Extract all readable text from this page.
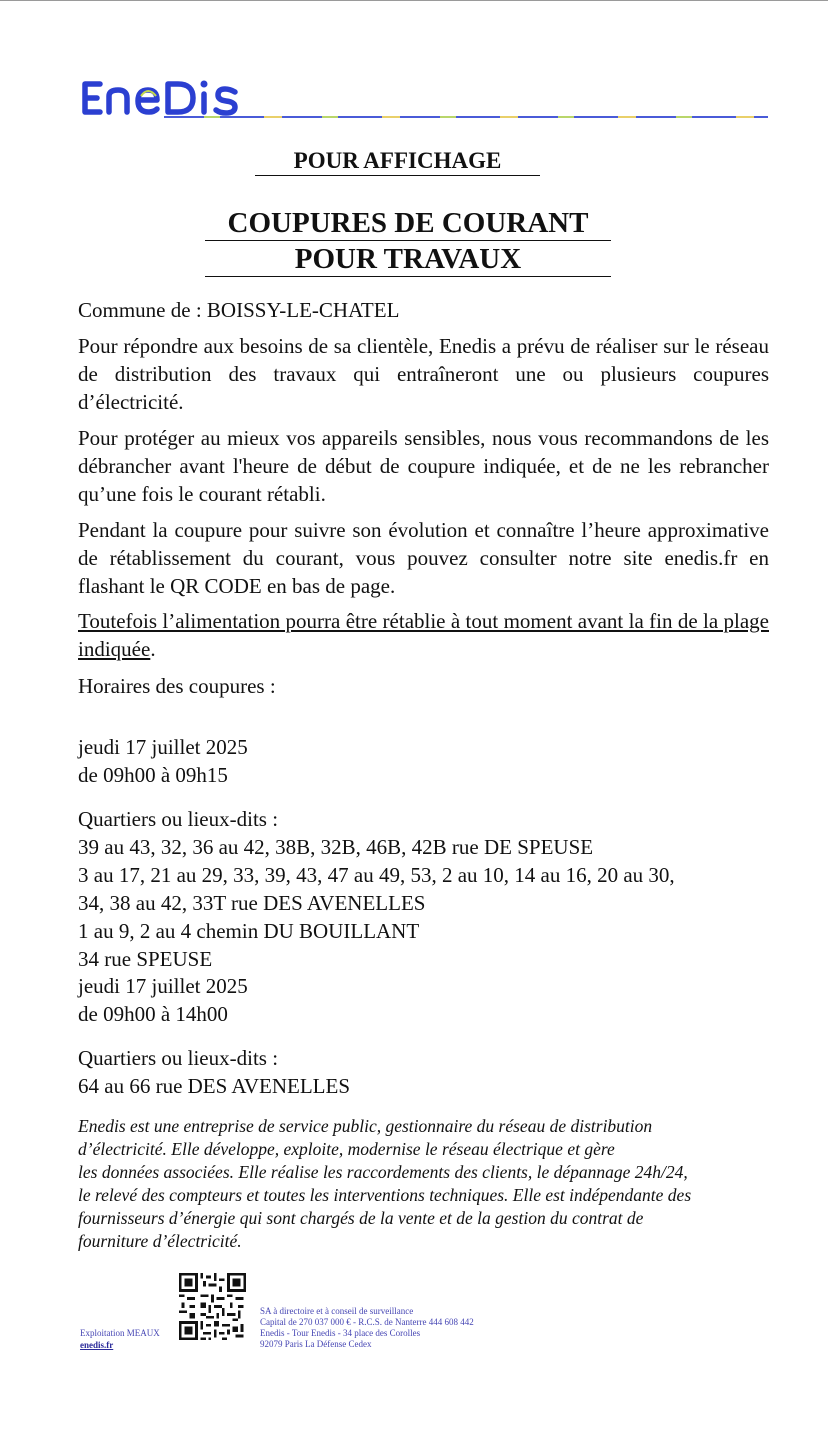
POUR AFFICHAGE
COUPURES DE COURANT
POUR TRAVAUX

Commune de : BOISSY-LE-CHATEL

Pour répondre aux besoins de sa clientèle, Enedis a prévu de réaliser sur le réseau de distribution des travaux qui entraîneront une ou plusieurs coupures d’électricité.

Pour protéger au mieux vos appareils sensibles, nous vous recommandons de les débrancher avant l'heure de début de coupure indiquée, et de ne les rebrancher qu’une fois le courant rétabli.

Pendant la coupure pour suivre son évolution et connaître l’heure approximative de rétablissement du courant, vous pouvez consulter notre site enedis.fr en flashant le QR CODE en bas de page.

Toutefois l’alimentation pourra être rétablie à tout moment avant la fin de la plage indiquée.

Horaires des coupures :

jeudi 17 juillet 2025

de 09h00 à 09h15

Quartiers ou lieux-dits :

39 au 43, 32, 36 au 42, 38B, 32B, 46B, 42B rue DE SPEUSE

3 au 17, 21 au 29, 33, 39, 43, 47 au 49, 53, 2 au 10, 14 au 16, 20 au 30,

34, 38 au 42, 33T rue DES AVENELLES

1 au 9, 2 au 4 chemin DU BOUILLANT

34 rue SPEUSE

jeudi 17 juillet 2025

de 09h00 à 14h00

Quartiers ou lieux-dits :

64 au 66 rue DES AVENELLES

Enedis est une entreprise de service public, gestionnaire du réseau de distribution
d’électricité. Elle développe, exploite, modernise le réseau électrique et gère
les données associées. Elle réalise les raccordements des clients, le dépannage 24h/24,
le relevé des compteurs et toutes les interventions techniques. Elle est indépendante des
fournisseurs d’énergie qui sont chargés de la vente et de la gestion du contrat de
fourniture d’électricité.
Exploitation MEAUX
enedis.fr
SA à directoire et à conseil de surveillance
Capital de 270 037 000 € - R.C.S. de Nanterre 444 608 442
Enedis - Tour Enedis - 34 place des Corolles
92079 Paris La Défense Cedex
